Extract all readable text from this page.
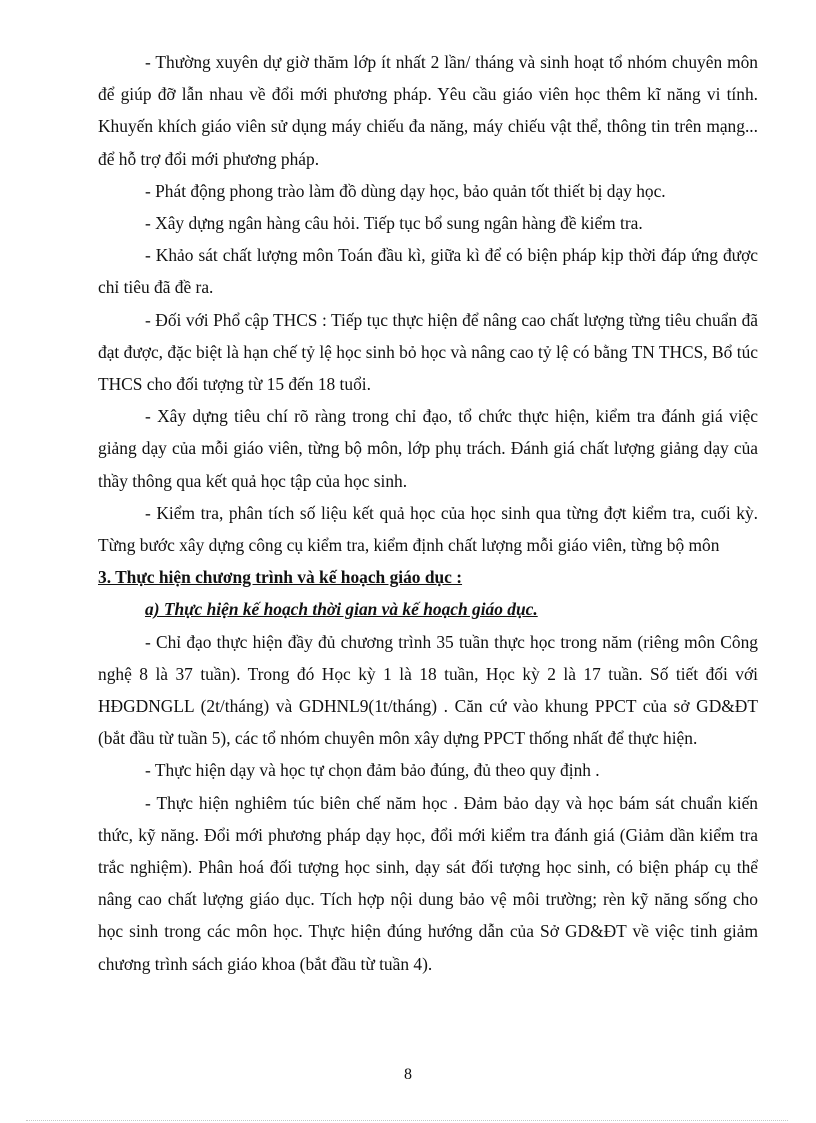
- Thường xuyên dự giờ thăm lớp ít nhất 2 lần/ tháng và sinh hoạt tổ nhóm chuyên môn để giúp đỡ lẫn nhau về đổi mới phương pháp. Yêu cầu giáo viên học thêm kĩ năng vi tính. Khuyến khích giáo viên sử dụng máy chiếu đa năng, máy chiếu vật thể, thông tin trên mạng... để hỗ trợ đổi mới phương pháp.

- Phát động phong trào làm đồ dùng dạy học, bảo quản tốt thiết bị dạy học.

- Xây dựng ngân hàng câu hỏi. Tiếp tục bổ sung ngân hàng đề kiểm tra.

- Khảo sát chất lượng môn Toán đầu kì, giữa kì để có biện pháp kịp thời đáp ứng được chỉ tiêu đã đề ra.

- Đối với Phổ cập THCS : Tiếp tục thực hiện để nâng cao chất lượng từng tiêu chuẩn đã đạt được, đặc biệt là hạn chế tỷ lệ học sinh bỏ học và nâng cao tỷ lệ có bằng TN THCS, Bổ túc THCS cho đối tượng từ 15 đến 18 tuổi.

- Xây dựng tiêu chí rõ ràng trong chỉ đạo, tổ chức thực hiện, kiểm tra đánh giá việc giảng dạy của mỗi giáo viên, từng bộ môn, lớp phụ trách. Đánh giá chất lượng giảng dạy của thầy thông qua kết quả học tập của học sinh.

- Kiểm tra, phân tích số liệu kết quả học của học sinh qua từng đợt kiểm tra, cuối kỳ. Từng bước xây dựng công cụ kiểm tra, kiểm định chất lượng mỗi giáo viên, từng bộ môn

3. Thực hiện chương trình và kế hoạch giáo dục :

a) Thực hiện kế hoạch thời gian và kế hoạch giáo dục.

- Chỉ đạo thực hiện đầy đủ chương trình 35 tuần thực học trong năm (riêng môn Công nghệ 8 là 37 tuần). Trong đó Học kỳ 1 là 18 tuần, Học kỳ 2 là 17 tuần. Số tiết đối với HĐGDNGLL (2t/tháng) và GDHNL9(1t/tháng) . Căn cứ vào khung PPCT của sở GD&ĐT (bắt đầu từ tuần 5), các tổ nhóm chuyên môn xây dựng PPCT thống nhất để thực hiện.

- Thực hiện dạy và học tự chọn đảm bảo đúng, đủ theo quy định .

- Thực hiện nghiêm túc biên chế năm học . Đảm bảo dạy và học bám sát chuẩn kiến thức, kỹ năng. Đổi mới phương pháp dạy học, đổi mới kiểm tra đánh giá (Giảm dần kiểm tra trắc nghiệm). Phân hoá đối tượng học sinh, dạy sát đối tượng học sinh, có biện pháp cụ thể nâng cao chất lượng giáo dục. Tích hợp nội dung bảo vệ môi trường; rèn kỹ năng sống cho học sinh trong các môn học. Thực hiện đúng hướng dẫn của Sở GD&ĐT về việc tinh giảm chương trình sách giáo khoa (bắt đầu từ tuần 4).

8
